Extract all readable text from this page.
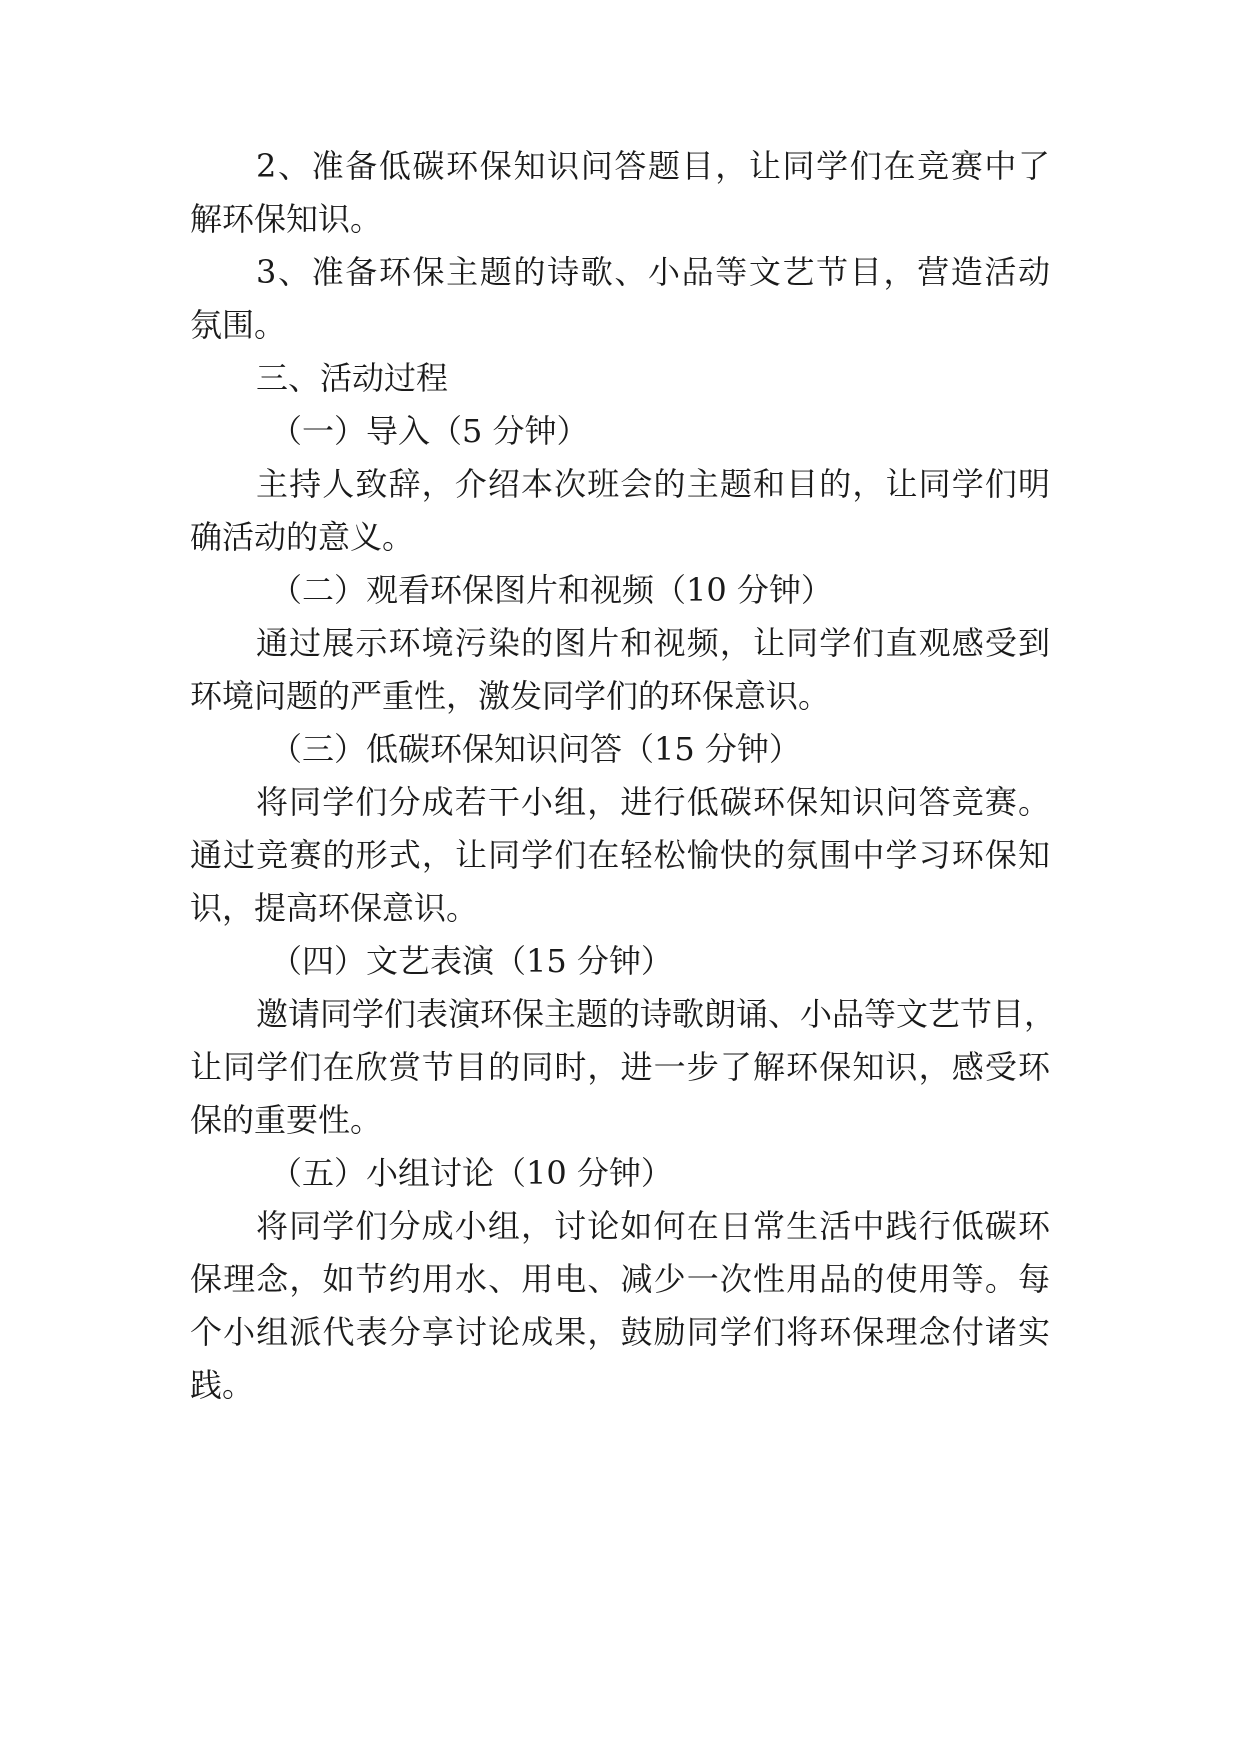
2、准备低碳环保知识问答题目，让同学们在竞赛中了
解环保知识。
3、准备环保主题的诗歌、小品等文艺节目，营造活动
氛围。
三、活动过程
（一）导入（5 分钟）
主持人致辞，介绍本次班会的主题和目的，让同学们明
确活动的意义。
（二）观看环保图片和视频（10 分钟）
通过展示环境污染的图片和视频，让同学们直观感受到
环境问题的严重性，激发同学们的环保意识。
（三）低碳环保知识问答（15 分钟）
将同学们分成若干小组，进行低碳环保知识问答竞赛。
通过竞赛的形式，让同学们在轻松愉快的氛围中学习环保知
识，提高环保意识。
（四）文艺表演（15 分钟）
邀请同学们表演环保主题的诗歌朗诵、小品等文艺节目，
让同学们在欣赏节目的同时，进一步了解环保知识，感受环
保的重要性。
（五）小组讨论（10 分钟）
将同学们分成小组，讨论如何在日常生活中践行低碳环
保理念，如节约用水、用电、减少一次性用品的使用等。每
个小组派代表分享讨论成果，鼓励同学们将环保理念付诸实
践。
